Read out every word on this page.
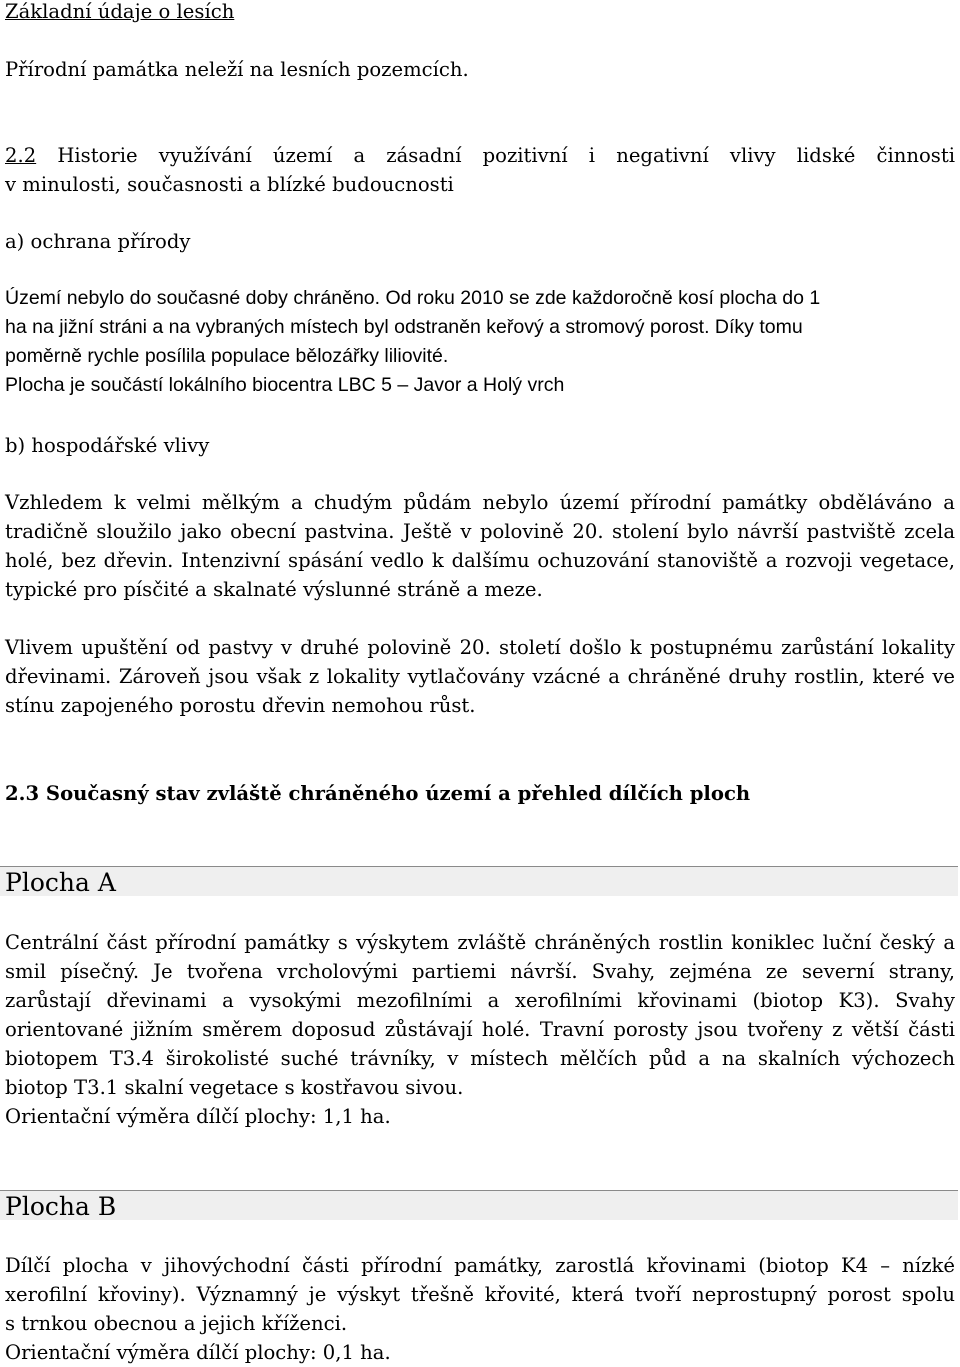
Základní údaje o lesích

Přírodní památka neleží na lesních pozemcích.

2.2 Historie využívání území a zásadní pozitivní i negativní vlivy lidské činnosti
v minulosti, současnosti a blízké budoucnosti

a) ochrana přírody

Území nebylo do současné doby chráněno. Od roku 2010 se zde každoročně kosí plocha do 1
ha na jižní stráni a na vybraných místech byl odstraněn keřový a stromový porost. Díky tomu
poměrně rychle posílila populace bělozářky liliovité.
Plocha je součástí lokálního biocentra LBC 5 – Javor a Holý vrch

b) hospodářské vlivy

Vzhledem k velmi mělkým a chudým půdám nebylo území přírodní památky obděláváno a
tradičně sloužilo jako obecní pastvina. Ještě v polovině 20. stolení bylo návrší pastviště zcela
holé, bez dřevin. Intenzivní spásání vedlo k dalšímu ochuzování stanoviště a rozvoji vegetace,
typické pro písčité a skalnaté výslunné stráně a meze.
Vlivem upuštění od pastvy v druhé polovině 20. století došlo k postupnému zarůstání lokality
dřevinami. Zároveň jsou však z lokality vytlačovány vzácné a chráněné druhy rostlin, které ve
stínu zapojeného porostu dřevin nemohou růst.

2.3 Současný stav zvláště chráněného území a přehled dílčích ploch

Plocha A
Centrální část přírodní památky s výskytem zvláště chráněných rostlin koniklec luční český a
smil písečný. Je tvořena vrcholovými partiemi návrší. Svahy, zejména ze severní strany,
zarůstají dřevinami a vysokými mezofilními a xerofilními křovinami (biotop K3). Svahy
orientované jižním směrem doposud zůstávají holé. Travní porosty jsou tvořeny z větší části
biotopem T3.4 širokolisté suché trávníky, v místech mělčích půd a na skalních výchozech
biotop T3.1 skalní vegetace s kostřavou sivou.
Orientační výměra dílčí plochy: 1,1 ha.
Plocha B
Dílčí plocha v jihovýchodní části přírodní památky, zarostlá křovinami (biotop K4 – nízké
xerofilní křoviny). Významný je výskyt třešně křovité, která tvoří neprostupný porost spolu
s trnkou obecnou a jejich kříženci.
Orientační výměra dílčí plochy: 0,1 ha.
